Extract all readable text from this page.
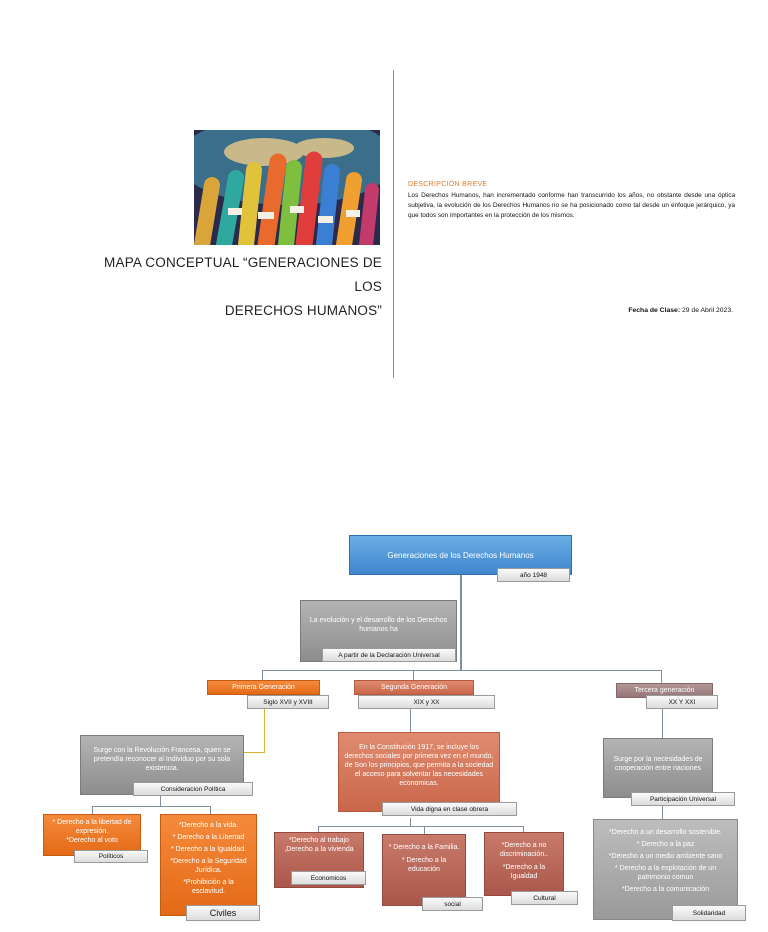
MAPA CONCEPTUAL “GENERACIONES DE LOS
DERECHOS HUMANOS”
DESCRIPCIÓN BREVE
Los Derechos Humanos, han incrementado conforme han transcurrido los años, no obstante desde una óptica subjetiva, la evolución de los Derechos Humanos no se ha posicionado como tal desde un enfoque jerárquico, ya que todos son importantes en la protección de los mismos.
Fecha de Clase: 29 de Abril 2023.
Generaciones de los Derechos Humanos
año 1948
La evolución y el desarrollo de los Derechos humanos ha
A partir de la Declaración Universal
Primera Generación
Siglo XVII y XVIII
Segunda Generación
XIX y XX
Tercera generación
XX Y XXI
Surge con la Revolución Francesa, quien se pretendía reconocer al Individuo por su sola existencia.
Consideracion Política
En la Constitución 1917, se incluye los derechos sociales por primera vez en el mundo, de Son los principios, que permita a la sociedad el acceso para solventar las necesidades economicas.
Vida digna en clase obrera
Surge por la necesidades de cooperación entre naciones
Participación Universal
* Derecho a la libertad de expresión.
*Derecho al voto
Políticos
*Derecho a la vida.
* Derecho a la Libertad
* Derecho a la Igualdad.
*Derecho a la Seguridad Jurídica.
*Prohibición a la esclavitud.
Civiles
*Derecho al trabajo
,Derecho a la vivienda
Economicos
* Derecho a la Familia.
* Derecho a la educación
social
*Derecho a no discriminación..
*Derecho a la Igualdad
Cultural
*Derecho a un desarrollo sostenible.
* Derecho a la paz
*Derecho a un medio ambiente sano
* Derecho a la explotación de un patrimonio comun
*Derecho a la comunicación
Solidaridad
